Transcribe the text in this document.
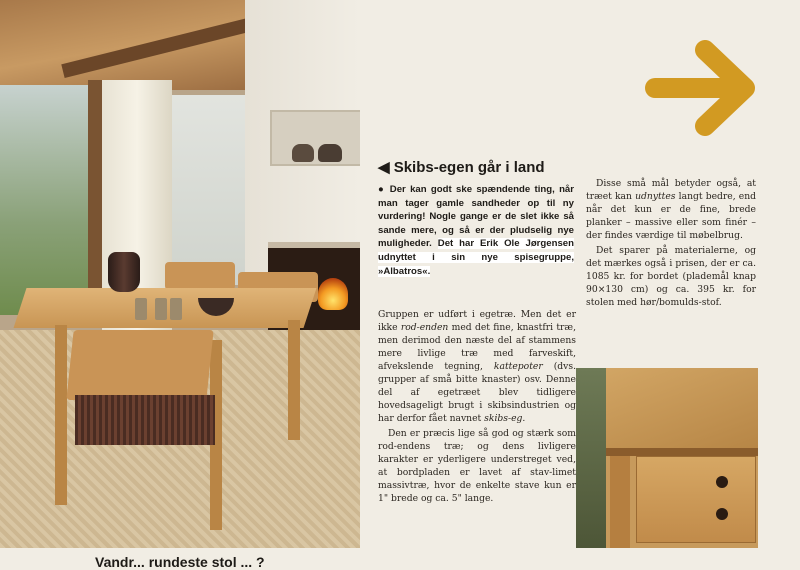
◀ Skibs-egen går i land

● Der kan godt ske spændende ting, når man tager gamle sandheder op til ny vurdering! Nogle gange er de slet ikke så sande mere, og så er der pludselig nye muligheder. Det har Erik Ole Jørgensen udnyttet i sin nye spisegruppe, »Albatros«.

Gruppen er udført i egetræ. Men det er ikke rod-enden med det fine, knastfri træ, men derimod den næste del af stammens mere livlige træ med farveskift, afvekslende tegning, kattepoter (dvs. grupper af små bitte knaster) osv. Denne del af egetræet blev tidligere hovedsageligt brugt i skibsindustrien og har derfor fået navnet skibs-eg.

Den er præcis lige så god og stærk som rod-endens træ; og dens livligere karakter er yderligere understreget ved, at bordpladen er lavet af stav-limet massivtræ, hvor de enkelte stave kun er 1" brede og ca. 5" lange.

Disse små mål betyder også, at træet kan udnyttes langt bedre, end når det kun er de fine, brede planker – massive eller som finér – der findes værdige til møbelbrug.

Det sparer på materialerne, og det mærkes også i prisen, der er ca. 1085 kr. for bordet (plademål knap 90×130 cm) og ca. 395 kr. for stolen med hør/bomulds-stof.

Vandr... rundeste stol ... ?
